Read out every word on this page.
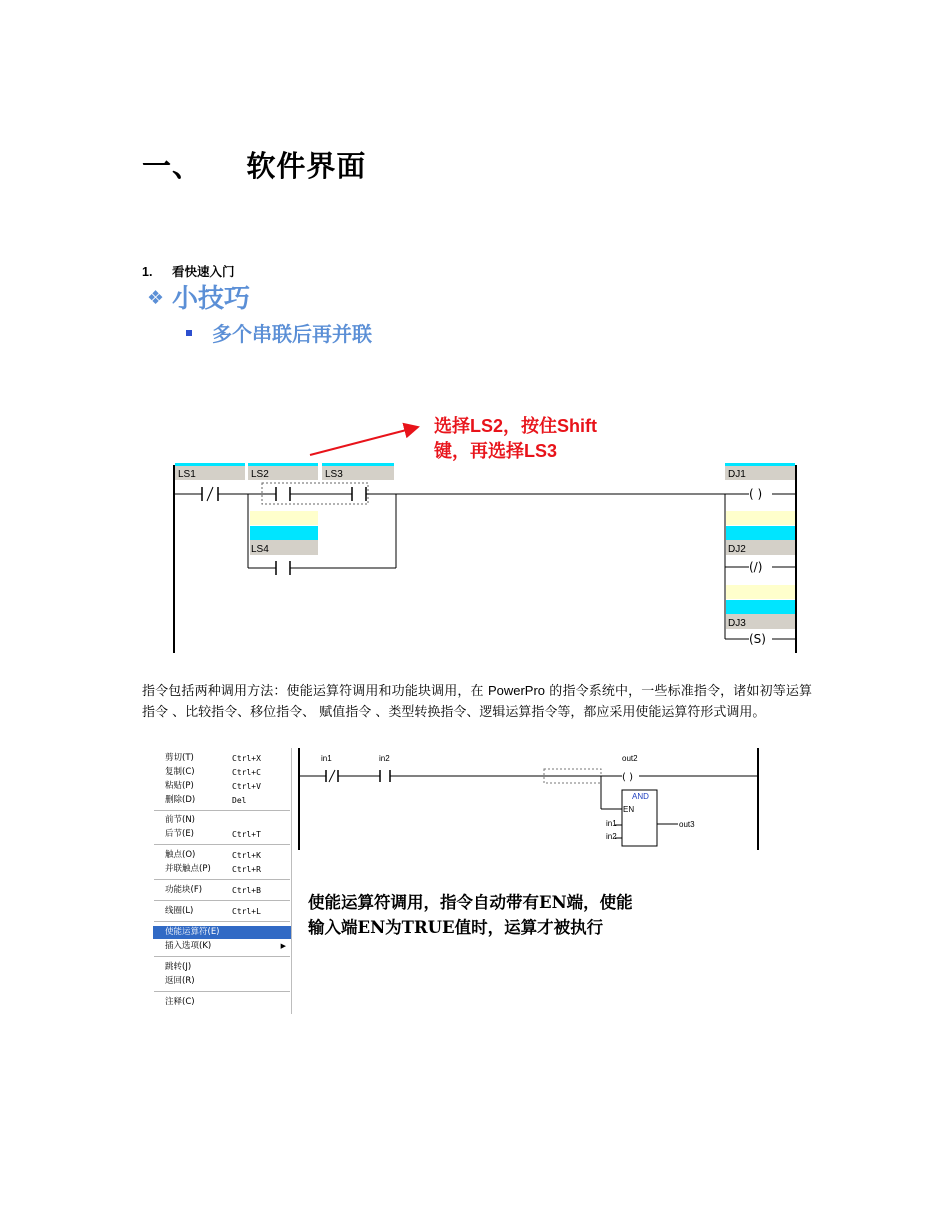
一、 软件界面
1. 看快速入门
❖ 小技巧
多个串联后再并联
选择LS2，按住Shift
键，再选择LS3
LS1	LS2	LS3	DJ1
( )
LS4	DJ2
(/)
DJ3
(S)
指令包括两种调用方法：使能运算符调用和功能块调用，在 PowerPro 的指令系统中，一些标准指令，诸如初等运算指令 、比较指令、移位指令、 赋值指令 、类型转换指令、逻辑运算指令等，都应采用使能运算符形式调用。
剪切(T)	Ctrl+X
复制(C)	Ctrl+C
粘贴(P)	Ctrl+V
删除(D)	Del
前节(N)
后节(E)	Ctrl+T
触点(O)	Ctrl+K
并联触点(P)	Ctrl+R
功能块(F)	Ctrl+B
线圈(L)	Ctrl+L
使能运算符(E)
插入选项(K)	▶
跳转(J)
返回(R)
注释(C)
in1	in2	out2
( )
AND
EN
in1
in2
out3
使能运算符调用，指令自动带有EN端，使能
输入端EN为TRUE值时，运算才被执行
